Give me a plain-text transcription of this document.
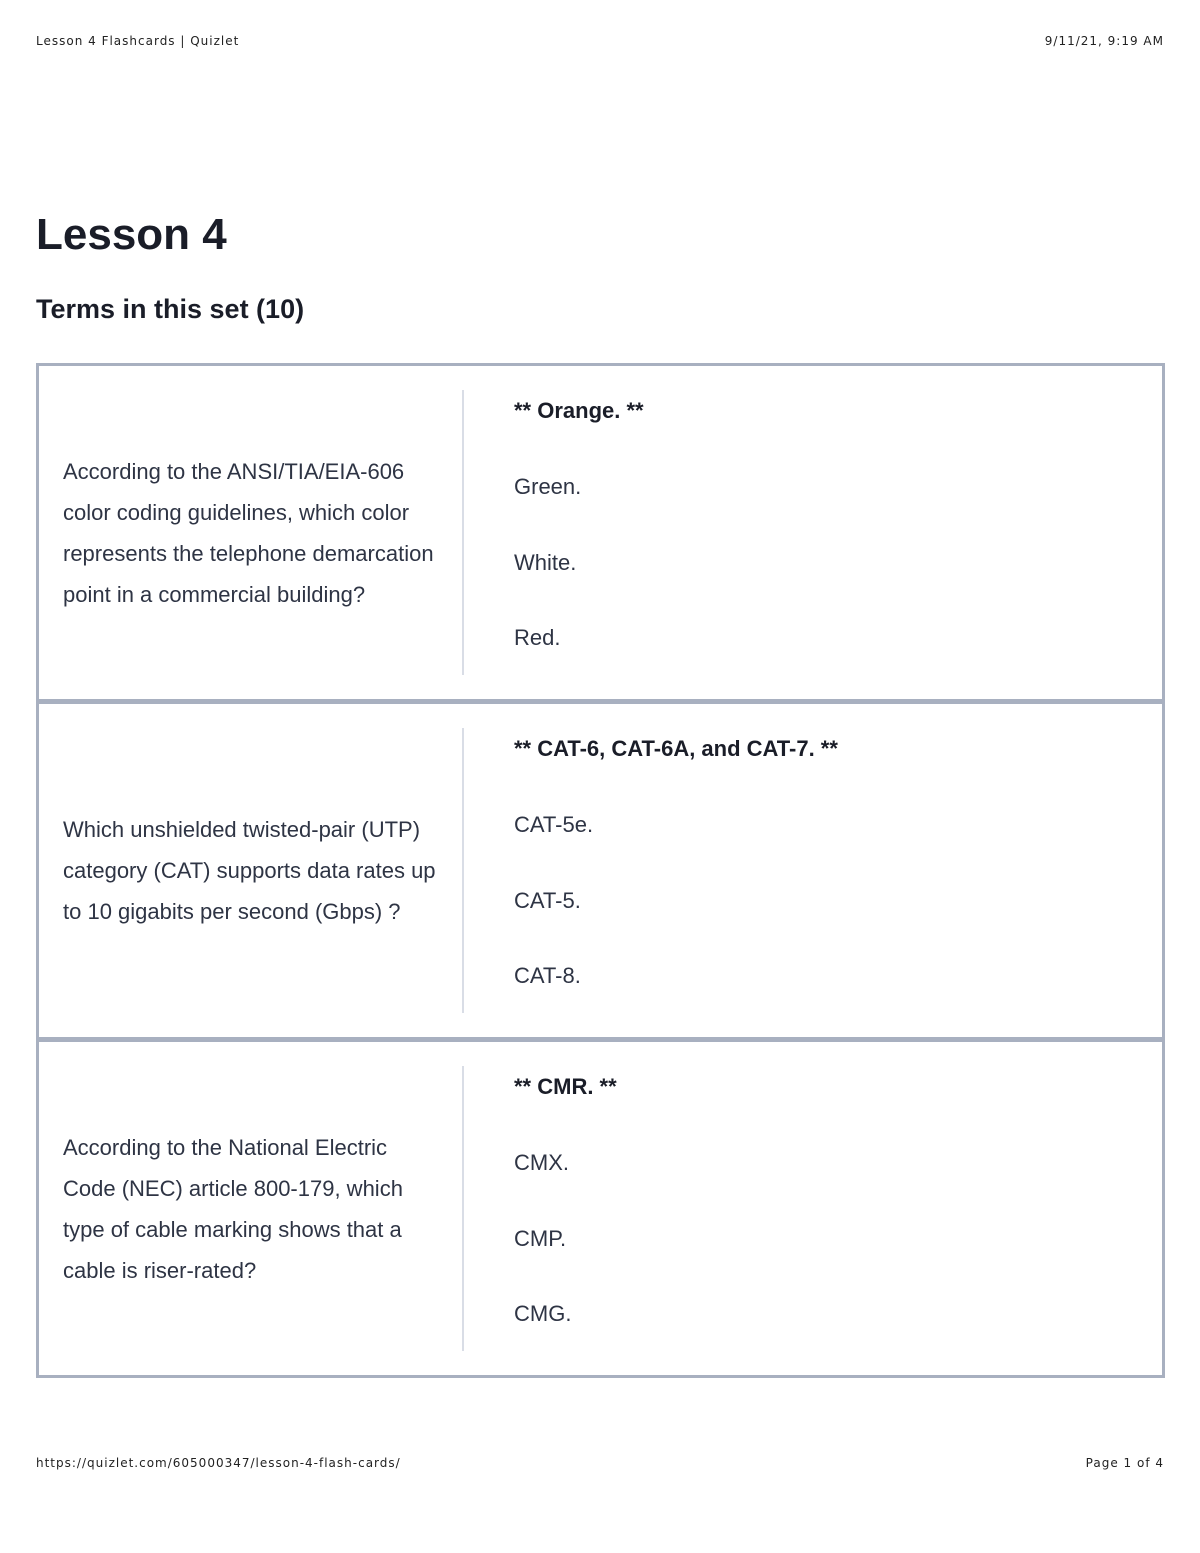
Lesson 4 Flashcards | Quizlet	9/11/21, 9:19 AM
Lesson 4
Terms in this set (10)
According to the ANSI/TIA/EIA-606 color coding guidelines, which color represents the telephone demarcation point in a commercial building?
** Orange. **
Green.
White.
Red.
Which unshielded twisted-pair (UTP) category (CAT) supports data rates up to 10 gigabits per second (Gbps) ?
** CAT-6, CAT-6A, and CAT-7. **
CAT-5e.
CAT-5.
CAT-8.
According to the National Electric Code (NEC) article 800-179, which type of cable marking shows that a cable is riser-rated?
** CMR. **
CMX.
CMP.
CMG.
https://quizlet.com/605000347/lesson-4-flash-cards/	Page 1 of 4
